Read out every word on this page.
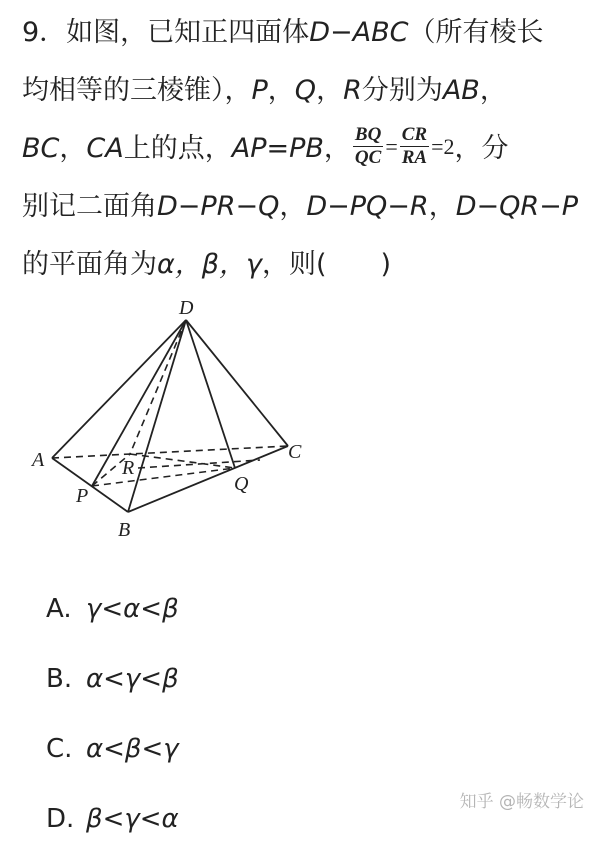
9．如图，已知正四面体D−ABC（所有棱长
均相等的三棱锥），P，Q，R分别为AB，
BC，CA上的点，AP=PB， $\frac{BQ}{QC} = \frac{CR}{RA} =2$，分
别记二面角D−PR−Q，D−PQ−R，D−QR−P
的平面角为α，β，γ，则(　　)
D
A
B
C
P
Q
R
A. γ<α<β
B. α<γ<β
C. α<β<γ
D. β<γ<α
知乎 @畅数学论
